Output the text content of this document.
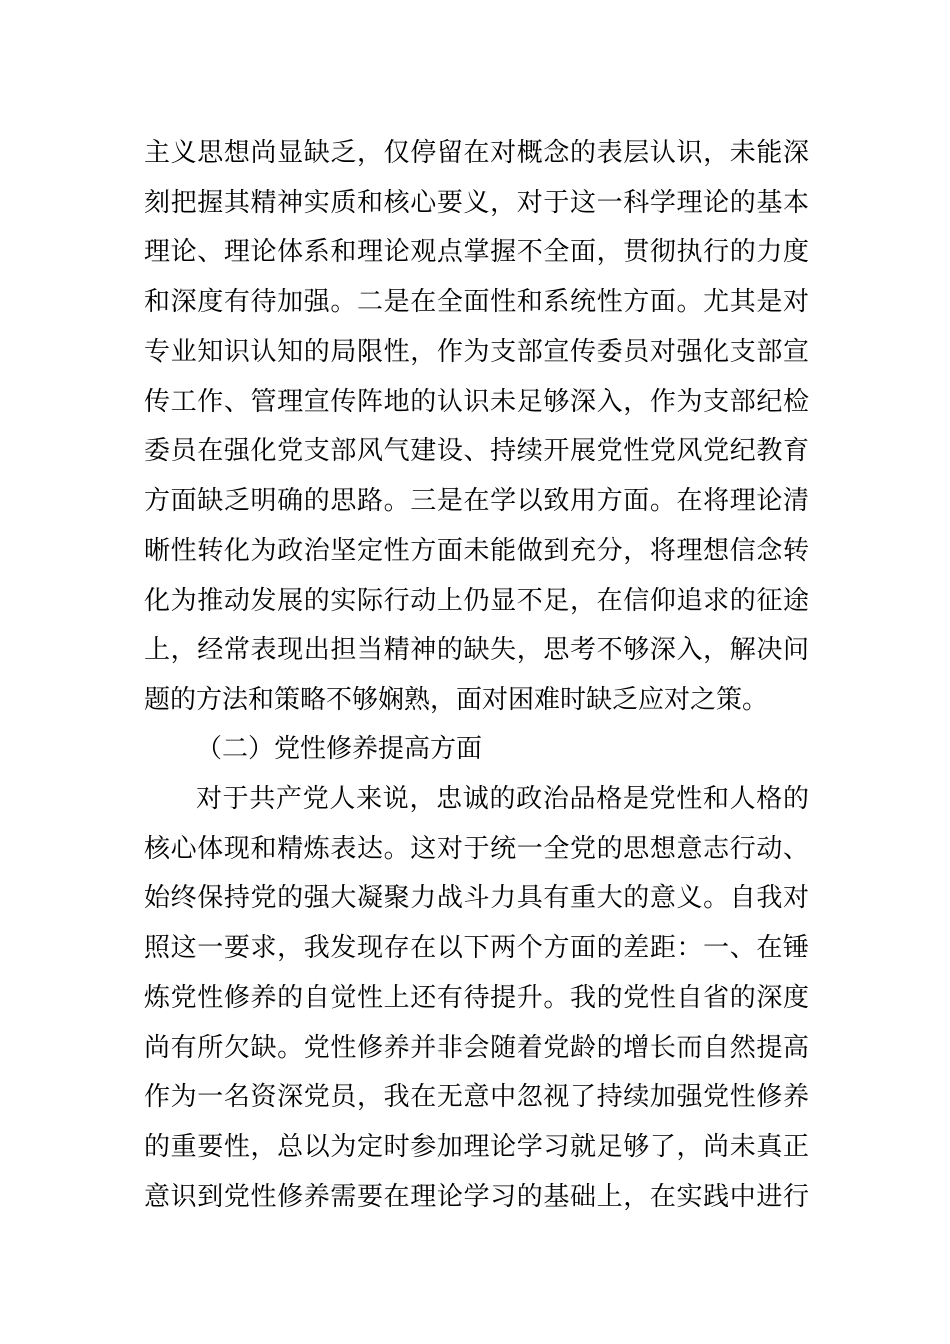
主义思想尚显缺乏，仅停留在对概念的表层认识，未能深
刻把握其精神实质和核心要义，对于这一科学理论的基本
理论、理论体系和理论观点掌握不全面，贯彻执行的力度
和深度有待加强。二是在全面性和系统性方面。尤其是对
专业知识认知的局限性，作为支部宣传委员对强化支部宣
传工作、管理宣传阵地的认识未足够深入，作为支部纪检
委员在强化党支部风气建设、持续开展党性党风党纪教育
方面缺乏明确的思路。三是在学以致用方面。在将理论清
晰性转化为政治坚定性方面未能做到充分，将理想信念转
化为推动发展的实际行动上仍显不足，在信仰追求的征途
上，经常表现出担当精神的缺失，思考不够深入，解决问
题的方法和策略不够娴熟，面对困难时缺乏应对之策。
（二）党性修养提高方面
对于共产党人来说，忠诚的政治品格是党性和人格的
核心体现和精炼表达。这对于统一全党的思想意志行动、
始终保持党的强大凝聚力战斗力具有重大的意义。自我对
照这一要求，我发现存在以下两个方面的差距：一、在锤
炼党性修养的自觉性上还有待提升。我的党性自省的深度
尚有所欠缺。党性修养并非会随着党龄的增长而自然提高
作为一名资深党员，我在无意中忽视了持续加强党性修养
的重要性，总以为定时参加理论学习就足够了，尚未真正
意识到党性修养需要在理论学习的基础上，在实践中进行
